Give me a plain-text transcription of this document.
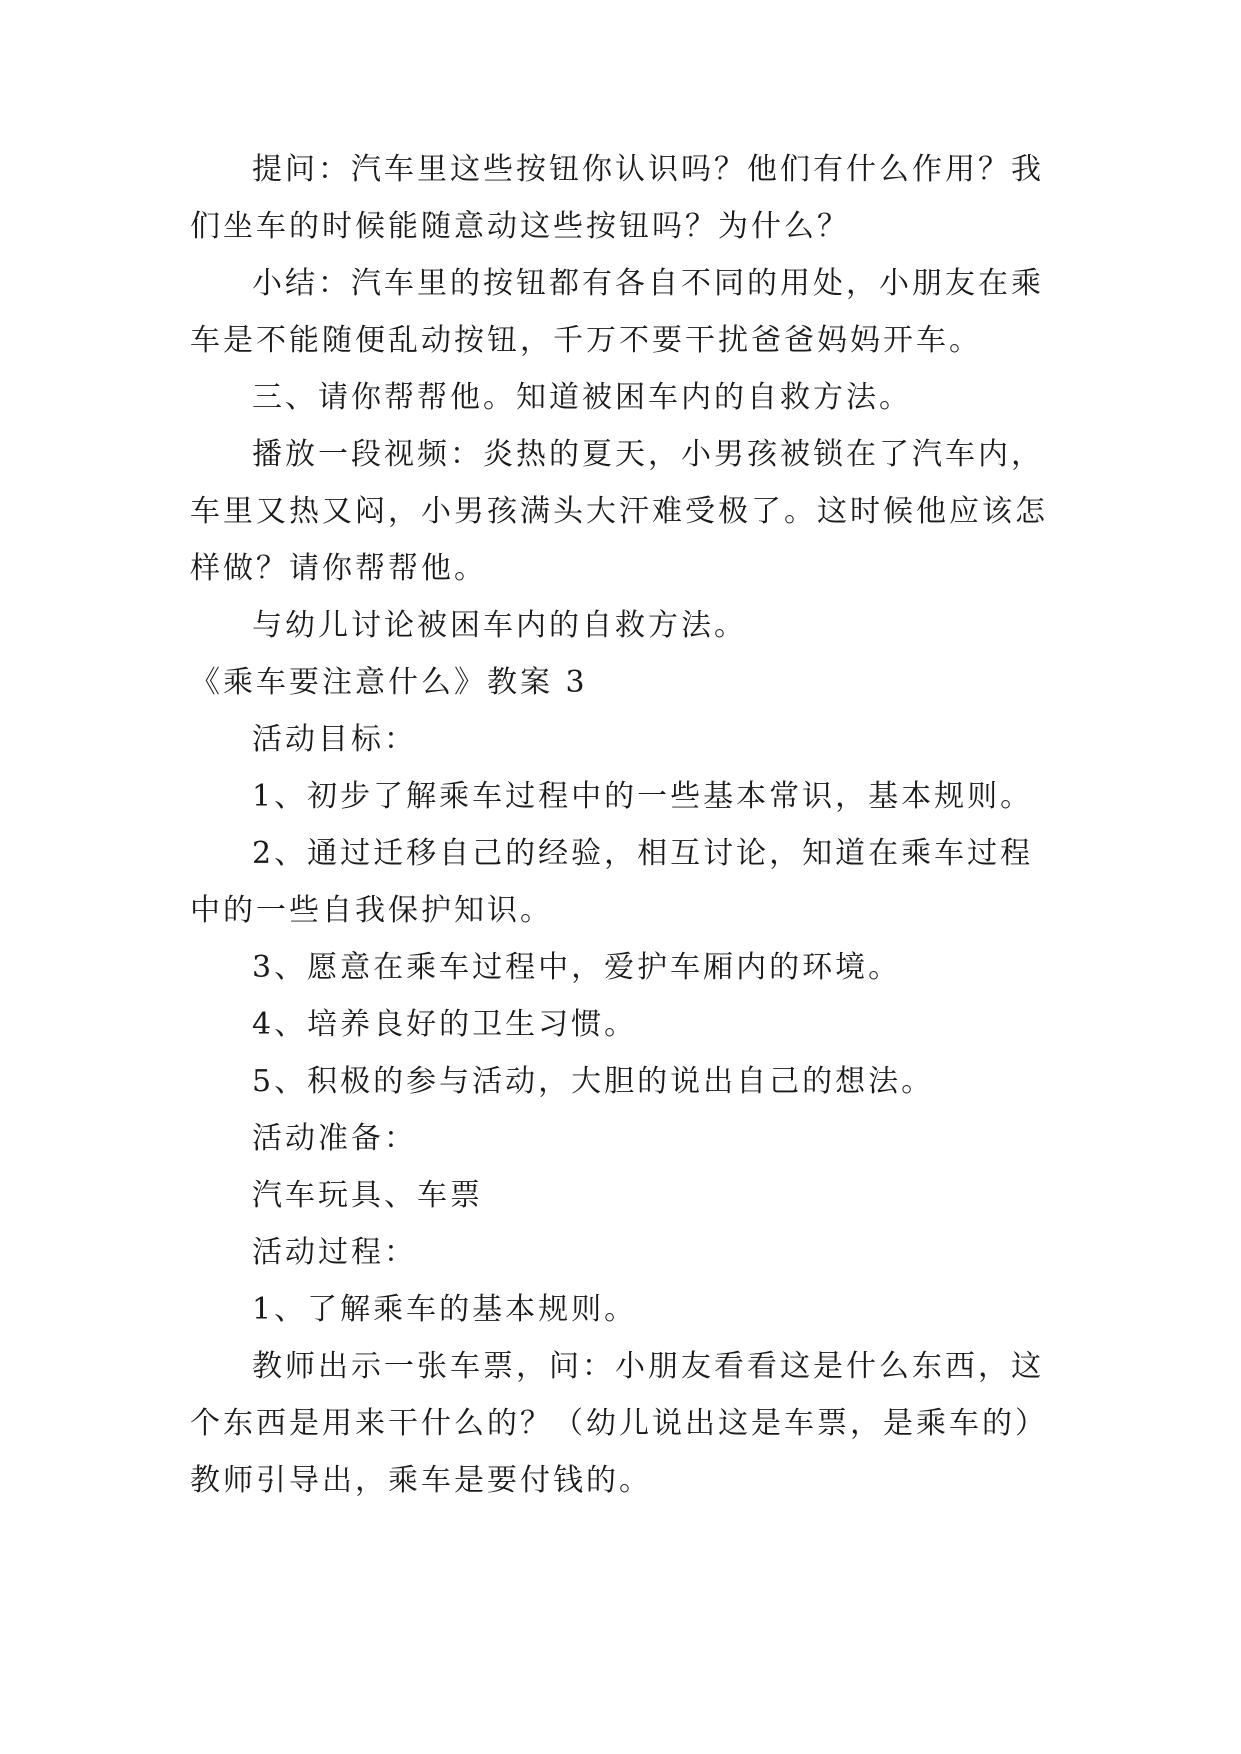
提问：汽车里这些按钮你认识吗？他们有什么作用？我
们坐车的时候能随意动这些按钮吗？为什么？
小结：汽车里的按钮都有各自不同的用处，小朋友在乘
车是不能随便乱动按钮，千万不要干扰爸爸妈妈开车。
三、请你帮帮他。知道被困车内的自救方法。
播放一段视频：炎热的夏天，小男孩被锁在了汽车内，
车里又热又闷，小男孩满头大汗难受极了。这时候他应该怎
样做？请你帮帮他。
与幼儿讨论被困车内的自救方法。
《乘车要注意什么》教案 3
活动目标：
1、初步了解乘车过程中的一些基本常识，基本规则。
2、通过迁移自己的经验，相互讨论，知道在乘车过程
中的一些自我保护知识。
3、愿意在乘车过程中，爱护车厢内的环境。
4、培养良好的卫生习惯。
5、积极的参与活动，大胆的说出自己的想法。
活动准备：
汽车玩具、车票
活动过程：
1、了解乘车的基本规则。
教师出示一张车票，问：小朋友看看这是什么东西，这
个东西是用来干什么的？（幼儿说出这是车票，是乘车的）
教师引导出，乘车是要付钱的。
